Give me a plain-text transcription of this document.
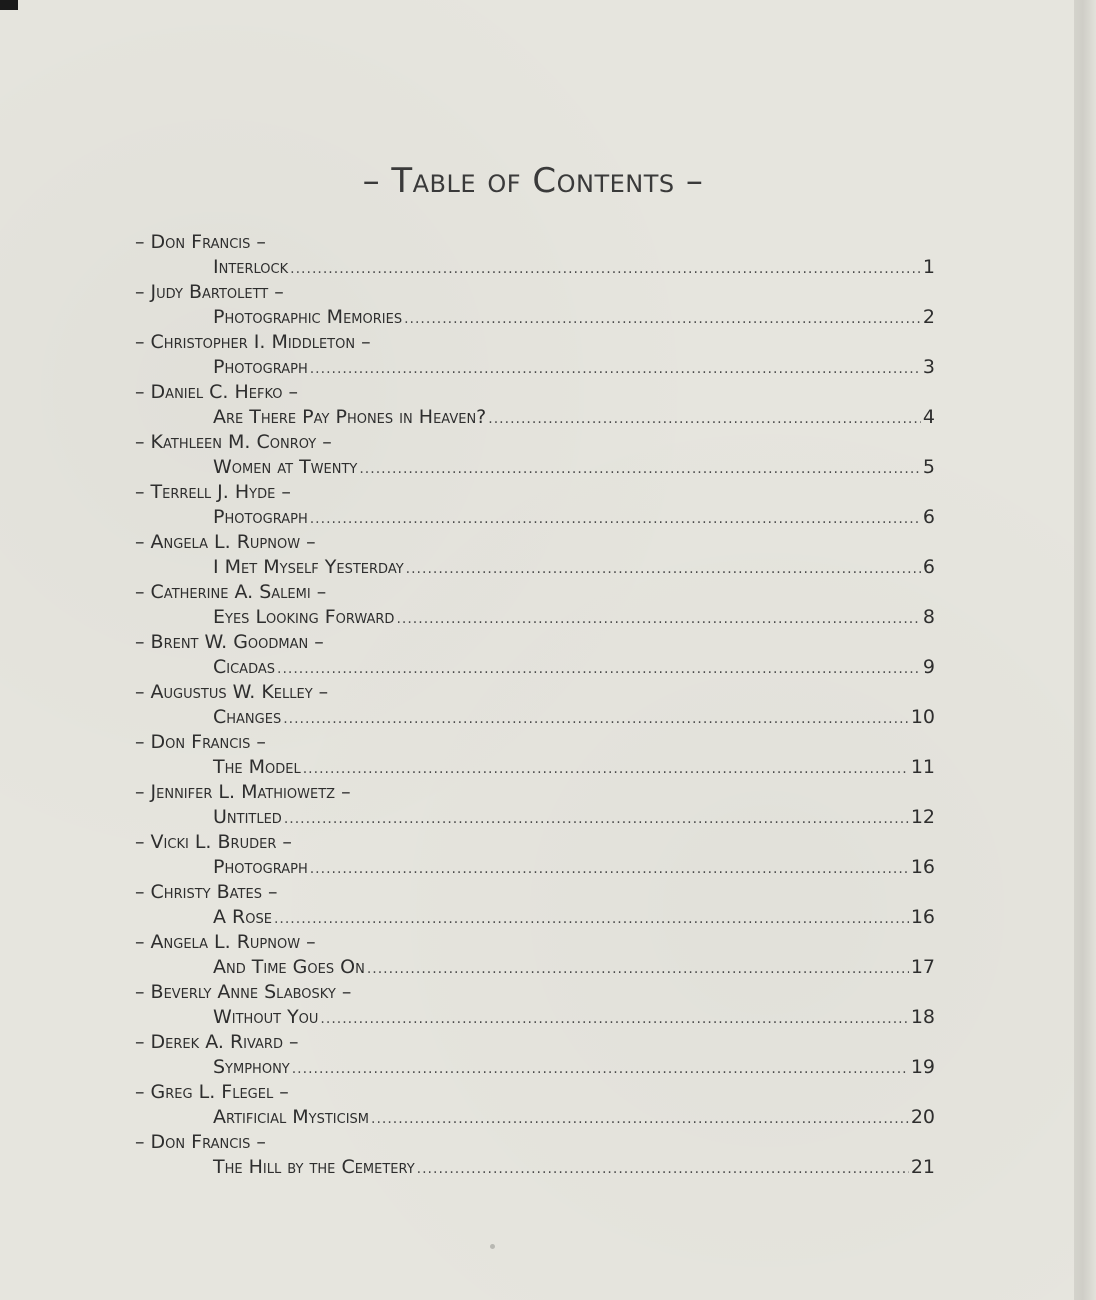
– Table of Contents –
– Don Francis –
Interlock .....	1
– Judy Bartolett –
Photographic Memories .....	2
– Christopher I. Middleton –
Photograph .....	3
– Daniel C. Hefko –
Are There Pay Phones in Heaven? .....	4
– Kathleen M. Conroy –
Women at Twenty .....	5
– Terrell J. Hyde –
Photograph .....	6
– Angela L. Rupnow –
I Met Myself Yesterday .....	6
– Catherine A. Salemi –
Eyes Looking Forward .....	8
– Brent W. Goodman –
Cicadas .....	9
– Augustus W. Kelley –
Changes .....	10
– Don Francis –
The Model .....	11
– Jennifer L. Mathiowetz –
Untitled .....	12
– Vicki L. Bruder –
Photograph .....	16
– Christy Bates –
A Rose .....	16
– Angela L. Rupnow –
And Time Goes On .....	17
– Beverly Anne Slabosky –
Without You .....	18
– Derek A. Rivard –
Symphony .....	19
– Greg L. Flegel –
Artificial Mysticism .....	20
– Don Francis –
The Hill by the Cemetery .....	21
